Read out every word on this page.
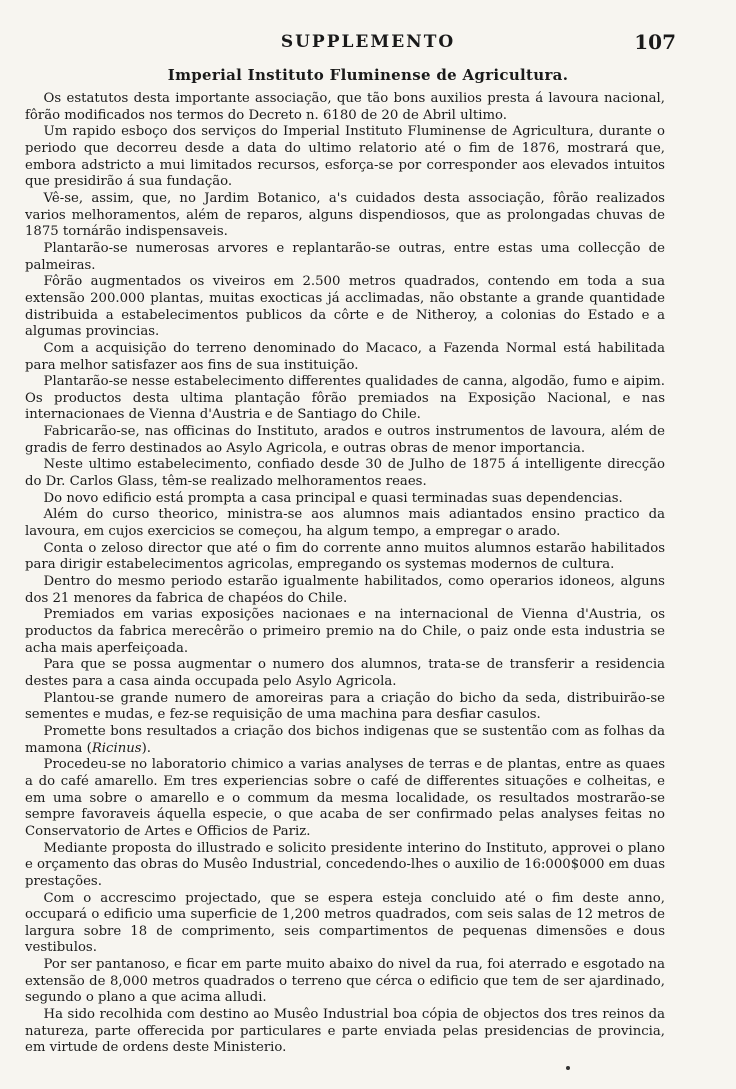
SUPPLEMENTO	107
Imperial Instituto Fluminense de Agricultura.

Os estatutos desta importante associação, que tão bons auxilios presta á lavoura nacional, fôrão modificados nos termos do Decreto n. 6180 de 20 de Abril ultimo.

Um rapido esboço dos serviços do Imperial Instituto Fluminense de Agricultura, durante o periodo que decorreu desde a data do ultimo relatorio até o fim de 1876, mostrará que, embora adstricto a mui limitados recursos, esforça-se por corresponder aos elevados intuitos que presidirão á sua fundação.

Vê-se, assim, que, no Jardim Botanico, a's cuidados desta associação, fôrão realizados varios melhoramentos, além de reparos, alguns dispendiosos, que as prolongadas chuvas de 1875 tornárão indispensaveis.

Plantarão-se numerosas arvores e replantarão-se outras, entre estas uma collecção de palmeiras.

Fôrão augmentados os viveiros em 2.500 metros quadrados, contendo em toda a sua extensão 200.000 plantas, muitas exocticas já acclimadas, não obstante a grande quantidade distribuida a estabelecimentos publicos da côrte e de Nitheroy, a colonias do Estado e a algumas provincias.

Com a acquisição do terreno denominado do Macaco, a Fazenda Normal está habilitada para melhor satisfazer aos fins de sua instituição.

Plantarão-se nesse estabelecimento differentes qualidades de canna, algodão, fumo e aipim. Os productos desta ultima plantação fôrão premiados na Exposição Nacional, e nas internacionaes de Vienna d'Austria e de Santiago do Chile.

Fabricarão-se, nas officinas do Instituto, arados e outros instrumentos de lavoura, além de gradis de ferro destinados ao Asylo Agricola, e outras obras de menor importancia.

Neste ultimo estabelecimento, confiado desde 30 de Julho de 1875 á intelligente direcção do Dr. Carlos Glass, têm-se realizado melhoramentos reaes.

Do novo edificio está prompta a casa principal e quasi terminadas suas dependencias.

Além do curso theorico, ministra-se aos alumnos mais adiantados ensino practico da lavoura, em cujos exercicios se começou, ha algum tempo, a empregar o arado.

Conta o zeloso director que até o fim do corrente anno muitos alumnos estarão habilitados para dirigir estabelecimentos agricolas, empregando os systemas modernos de cultura.

Dentro do mesmo periodo estarão igualmente habilitados, como operarios idoneos, alguns dos 21 menores da fabrica de chapéos do Chile.

Premiados em varias exposições nacionaes e na internacional de Vienna d'Austria, os productos da fabrica merecêrão o primeiro premio na do Chile, o paiz onde esta industria se acha mais aperfeiçoada.

Para que se possa augmentar o numero dos alumnos, trata-se de transferir a residencia destes para a casa ainda occupada pelo Asylo Agricola.

Plantou-se grande numero de amoreiras para a criação do bicho da seda, distribuirão-se sementes e mudas, e fez-se requisição de uma machina para desfiar casulos.

Promette bons resultados a criação dos bichos indigenas que se sustentão com as folhas da mamona (Ricinus).

Procedeu-se no laboratorio chimico a varias analyses de terras e de plantas, entre as quaes a do café amarello. Em tres experiencias sobre o café de differentes situações e colheitas, e em uma sobre o amarello e o commum da mesma localidade, os resultados mostrarão-se sempre favoraveis áquella especie, o que acaba de ser confirmado pelas analyses feitas no Conservatorio de Artes e Officios de Pariz.

Mediante proposta do illustrado e solicito presidente interino do Instituto, approvei o plano e orçamento das obras do Musêo Industrial, concedendo-lhes o auxilio de 16:000$000 em duas prestações.

Com o accrescimo projectado, que se espera esteja concluido até o fim deste anno, occupará o edificio uma superficie de 1,200 metros quadrados, com seis salas de 12 metros de largura sobre 18 de comprimento, seis compartimentos de pequenas dimensões e dous vestibulos.

Por ser pantanoso, e ficar em parte muito abaixo do nivel da rua, foi aterrado e esgotado na extensão de 8,000 metros quadrados o terreno que cérca o edificio que tem de ser ajardinado, segundo o plano a que acima alludi.

Ha sido recolhida com destino ao Musêo Industrial boa cópia de objectos dos tres reinos da natureza, parte offerecida por particulares e parte enviada pelas presidencias de provincia, em virtude de ordens deste Ministerio.
